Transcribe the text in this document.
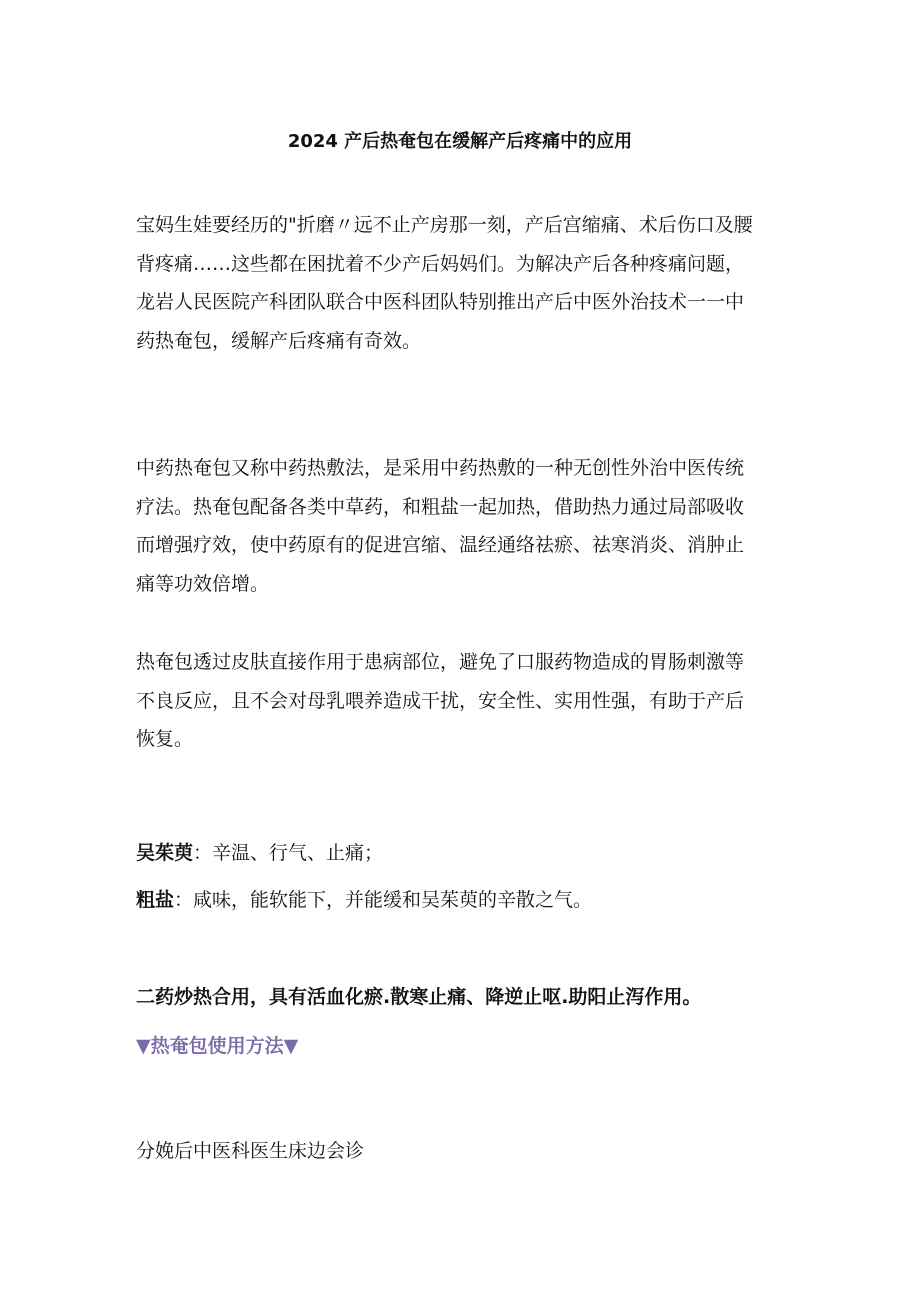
2024 产后热奄包在缓解产后疼痛中的应用

宝妈生娃要经历的"折磨〃远不止产房那一刻，产后宫缩痛、术后伤口及腰
背疼痛……这些都在困扰着不少产后妈妈们。为解决产后各种疼痛问题，
龙岩人民医院产科团队联合中医科团队特别推出产后中医外治技术一一中
药热奄包，缓解产后疼痛有奇效。

中药热奄包又称中药热敷法，是采用中药热敷的一种无创性外治中医传统
疗法。热奄包配备各类中草药，和粗盐一起加热，借助热力通过局部吸收
而增强疗效，使中药原有的促进宫缩、温经通络祛瘀、祛寒消炎、消肿止
痛等功效倍增。

热奄包透过皮肤直接作用于患病部位，避免了口服药物造成的胃肠刺激等
不良反应，且不会对母乳喂养造成干扰，安全性、实用性强，有助于产后
恢复。

吴茱萸：辛温、行气、止痛；
粗盐：咸味，能软能下，并能缓和吴茱萸的辛散之气。
二药炒热合用，具有活血化瘀.散寒止痛、降逆止呕.助阳止泻作用。
▼热奄包使用方法▼
分娩后中医科医生床边会诊
